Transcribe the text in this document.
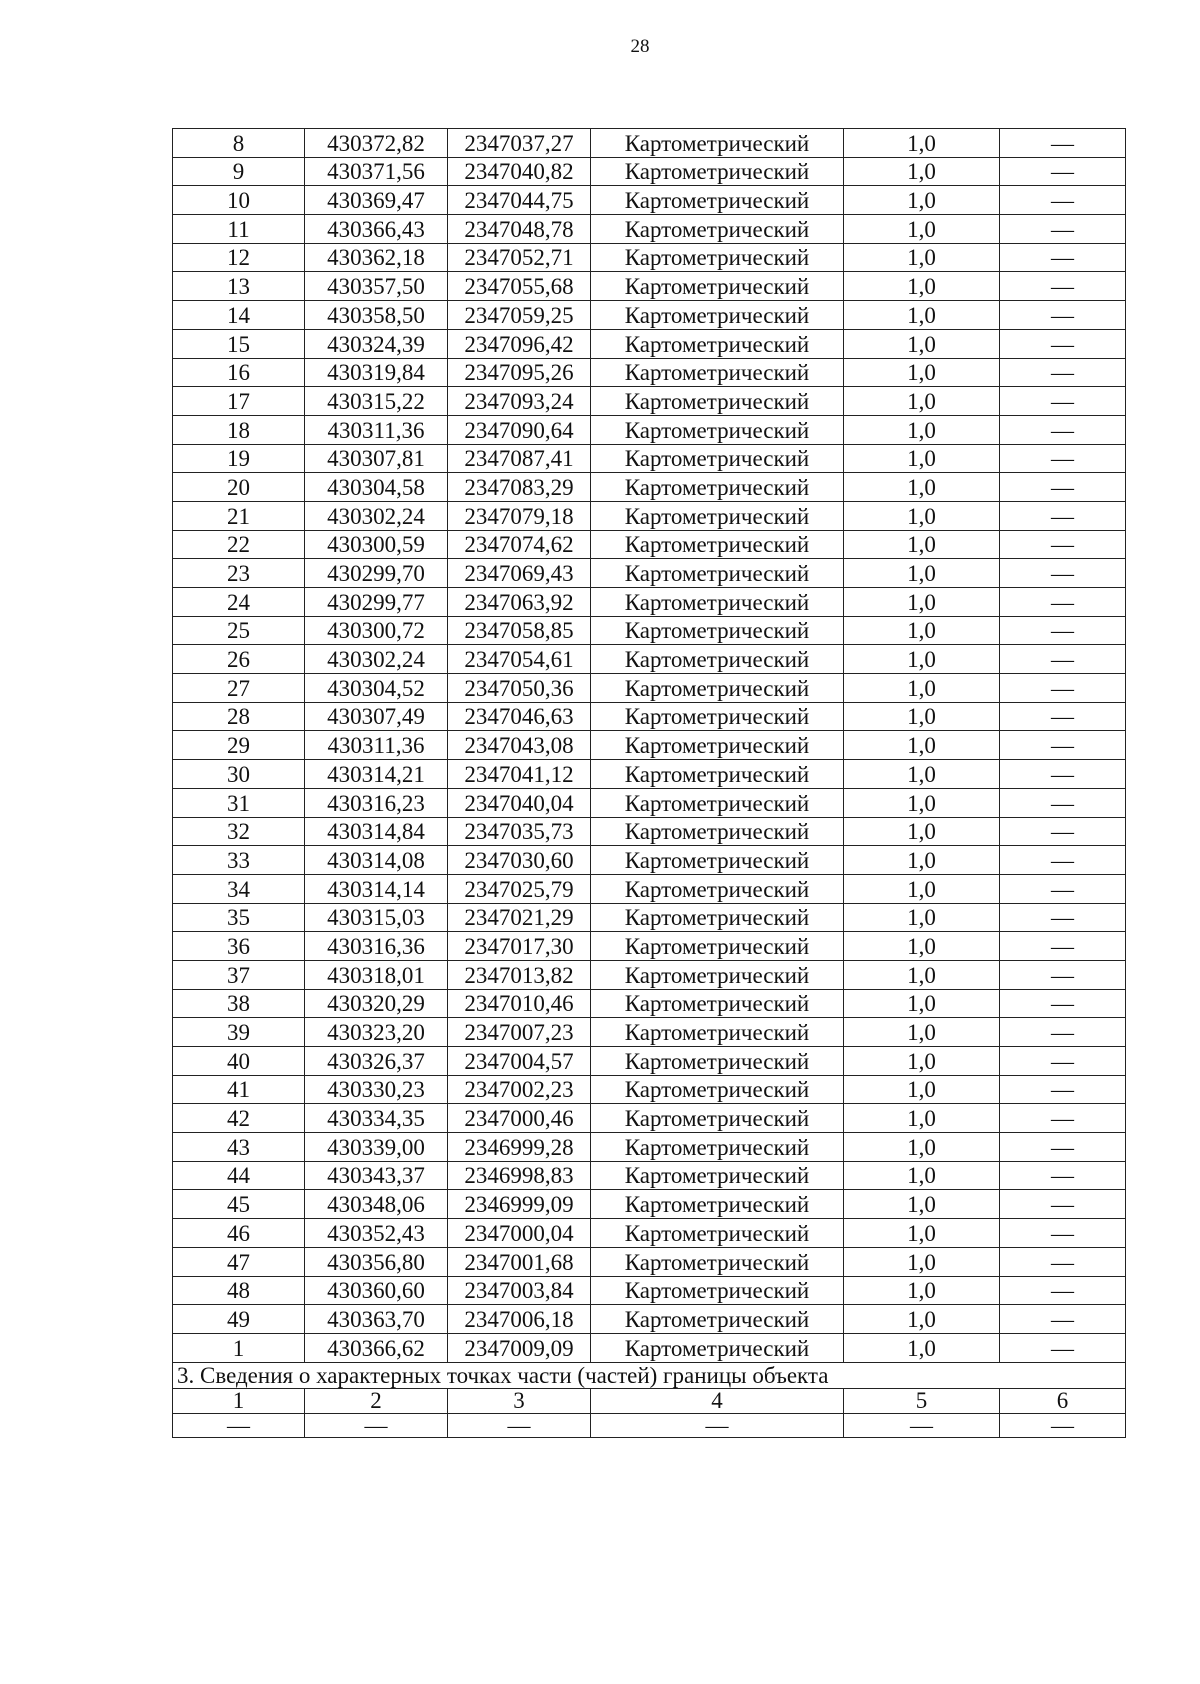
28
8	430372,82	2347037,27	Картометрический	1,0	—
9	430371,56	2347040,82	Картометрический	1,0	—
10	430369,47	2347044,75	Картометрический	1,0	—
11	430366,43	2347048,78	Картометрический	1,0	—
12	430362,18	2347052,71	Картометрический	1,0	—
13	430357,50	2347055,68	Картометрический	1,0	—
14	430358,50	2347059,25	Картометрический	1,0	—
15	430324,39	2347096,42	Картометрический	1,0	—
16	430319,84	2347095,26	Картометрический	1,0	—
17	430315,22	2347093,24	Картометрический	1,0	—
18	430311,36	2347090,64	Картометрический	1,0	—
19	430307,81	2347087,41	Картометрический	1,0	—
20	430304,58	2347083,29	Картометрический	1,0	—
21	430302,24	2347079,18	Картометрический	1,0	—
22	430300,59	2347074,62	Картометрический	1,0	—
23	430299,70	2347069,43	Картометрический	1,0	—
24	430299,77	2347063,92	Картометрический	1,0	—
25	430300,72	2347058,85	Картометрический	1,0	—
26	430302,24	2347054,61	Картометрический	1,0	—
27	430304,52	2347050,36	Картометрический	1,0	—
28	430307,49	2347046,63	Картометрический	1,0	—
29	430311,36	2347043,08	Картометрический	1,0	—
30	430314,21	2347041,12	Картометрический	1,0	—
31	430316,23	2347040,04	Картометрический	1,0	—
32	430314,84	2347035,73	Картометрический	1,0	—
33	430314,08	2347030,60	Картометрический	1,0	—
34	430314,14	2347025,79	Картометрический	1,0	—
35	430315,03	2347021,29	Картометрический	1,0	—
36	430316,36	2347017,30	Картометрический	1,0	—
37	430318,01	2347013,82	Картометрический	1,0	—
38	430320,29	2347010,46	Картометрический	1,0	—
39	430323,20	2347007,23	Картометрический	1,0	—
40	430326,37	2347004,57	Картометрический	1,0	—
41	430330,23	2347002,23	Картометрический	1,0	—
42	430334,35	2347000,46	Картометрический	1,0	—
43	430339,00	2346999,28	Картометрический	1,0	—
44	430343,37	2346998,83	Картометрический	1,0	—
45	430348,06	2346999,09	Картометрический	1,0	—
46	430352,43	2347000,04	Картометрический	1,0	—
47	430356,80	2347001,68	Картометрический	1,0	—
48	430360,60	2347003,84	Картометрический	1,0	—
49	430363,70	2347006,18	Картометрический	1,0	—
1	430366,62	2347009,09	Картометрический	1,0	—
3. Сведения о характерных точках части (частей) границы объекта					
1	2	3	4	5	6
—	—	—	—	—	—
